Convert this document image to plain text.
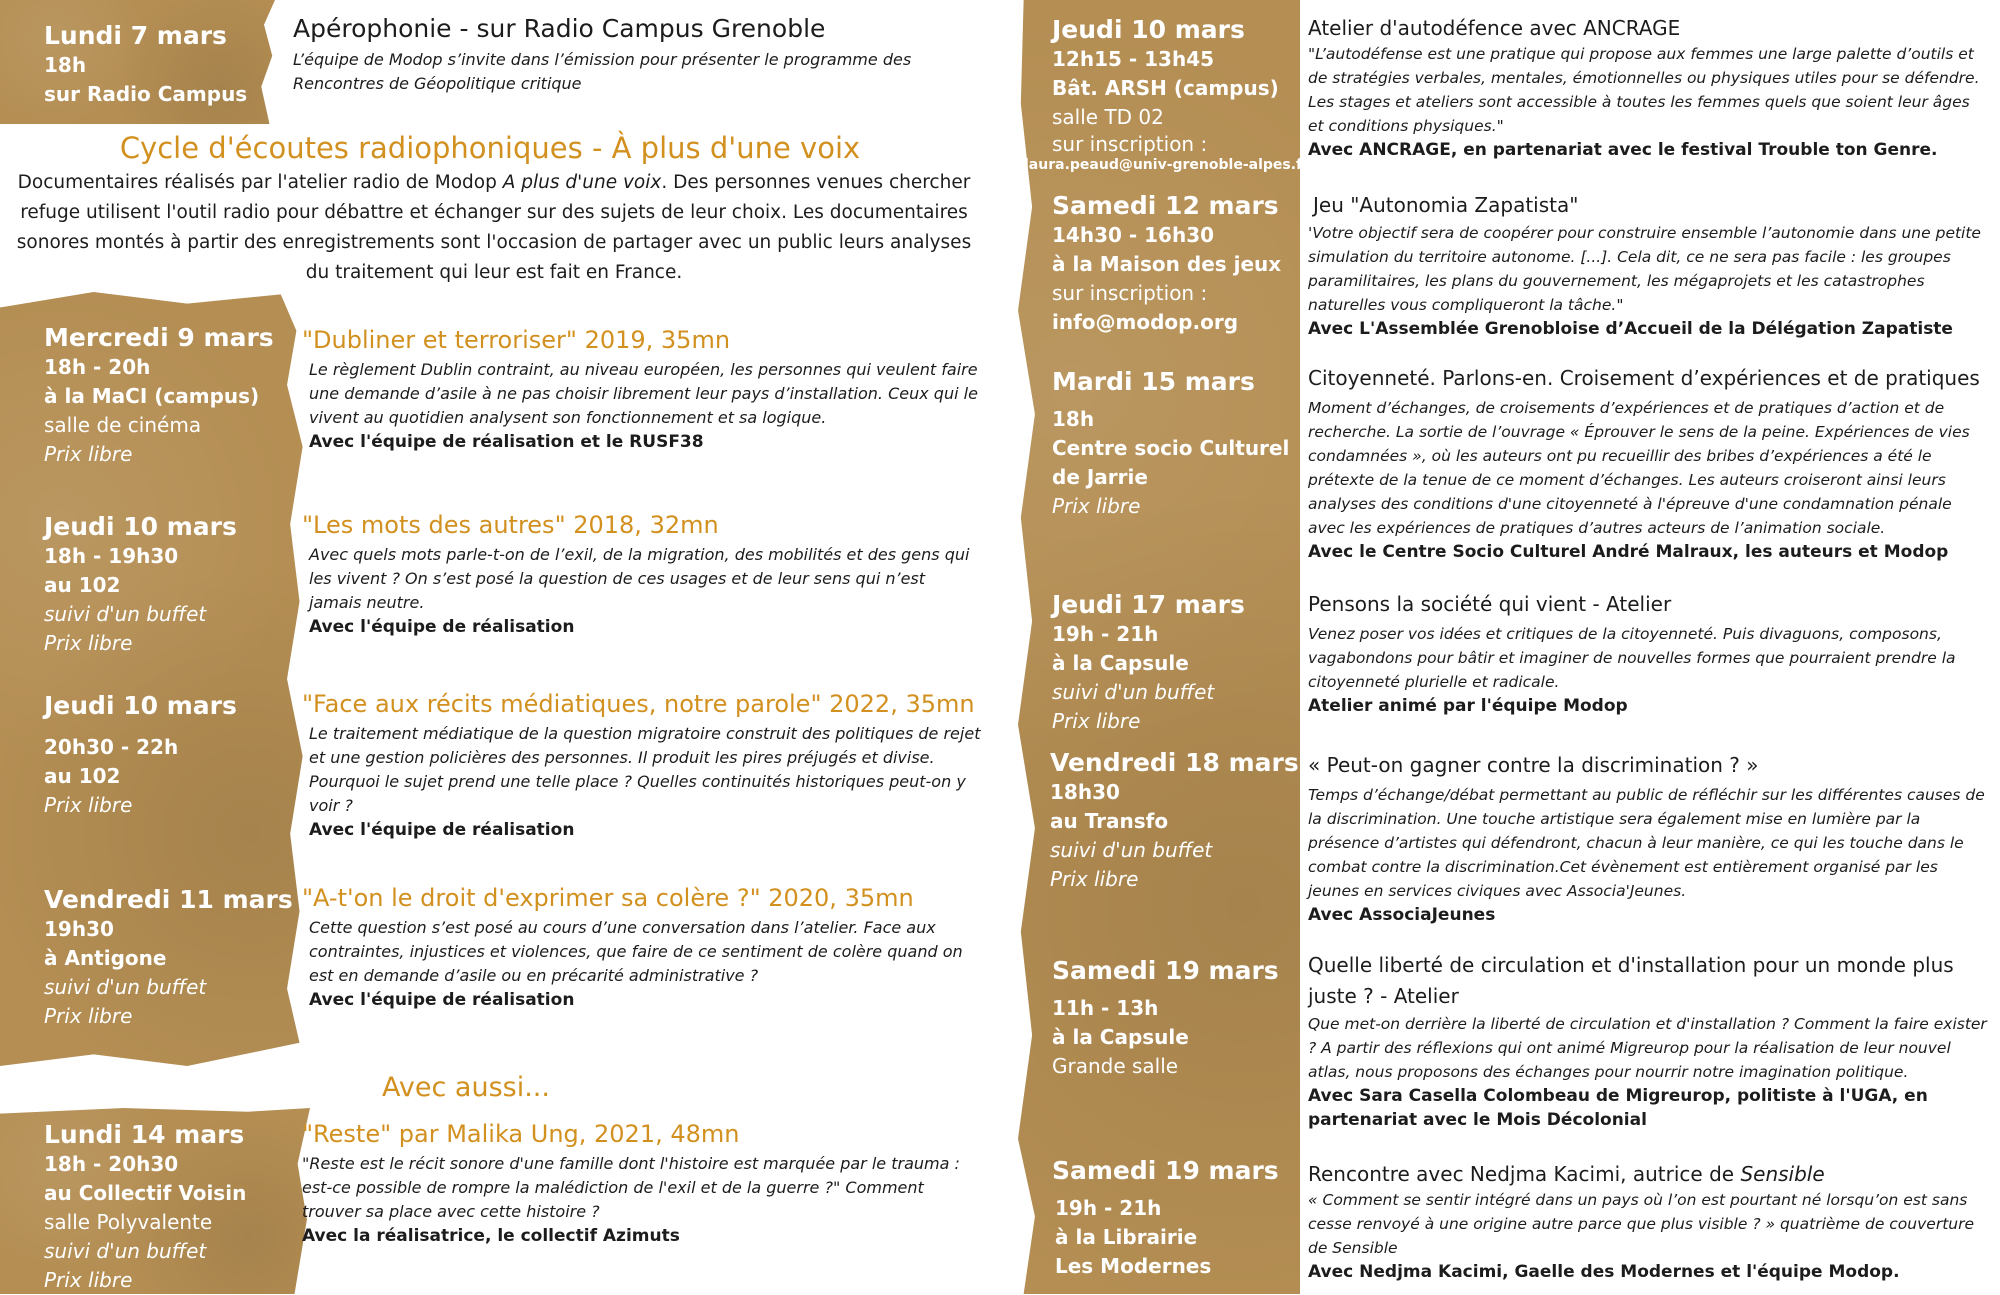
Lundi 7 mars
18h
sur Radio Campus
Apérophonie - sur Radio Campus Grenoble
L’équipe de Modop s’invite dans l’émission pour présenter le programme des Rencontres de Géopolitique critique
Cycle d'écoutes radiophoniques - À plus d'une voix
Documentaires réalisés par l'atelier radio de Modop A plus d'une voix. Des personnes venues chercher refuge utilisent l'outil radio pour débattre et échanger sur des sujets de leur choix. Les documentaires sonores montés à partir des enregistrements sont l'occasion de partager avec un public leurs analyses du traitement qui leur est fait en France.
Mercredi 9 mars
18h - 20h
à la MaCI (campus)
salle de cinéma
Prix libre
"Dubliner et terroriser" 2019, 35mn
Le règlement Dublin contraint, au niveau européen, les personnes qui veulent faire une demande d’asile à ne pas choisir librement leur pays d’installation. Ceux qui le vivent au quotidien analysent son fonctionnement et sa logique.
Avec l'équipe de réalisation et le RUSF38
Jeudi 10 mars
18h - 19h30
au 102
suivi d'un buffet
Prix libre
"Les mots des autres" 2018, 32mn
Avec quels mots parle-t-on de l’exil, de la migration, des mobilités et des gens qui les vivent ? On s’est posé la question de ces usages et de leur sens qui n’est jamais neutre.
Avec l'équipe de réalisation
Jeudi 10 mars
20h30 - 22h
au 102
Prix libre
"Face aux récits médiatiques, notre parole" 2022, 35mn
Le traitement médiatique de la question migratoire construit des politiques de rejet et une gestion policières des personnes. Il produit les pires préjugés et divise. Pourquoi le sujet prend une telle place ? Quelles continuités historiques peut-on y voir ?
Avec l'équipe de réalisation
Vendredi 11 mars
19h30
à Antigone
suivi d'un buffet
Prix libre
"A-t'on le droit d'exprimer sa colère ?" 2020, 35mn
Cette question s’est posé au cours d’une conversation dans l’atelier. Face aux contraintes, injustices et violences, que faire de ce sentiment de colère quand on est en demande d’asile ou en précarité administrative ?
Avec l'équipe de réalisation
Avec aussi...
Lundi 14 mars
18h - 20h30
au Collectif Voisin
salle Polyvalente
suivi d'un buffet
Prix libre
"Reste" par Malika Ung, 2021, 48mn
"Reste est le récit sonore d'une famille dont l'histoire est marquée par le trauma : est-ce possible de rompre la malédiction de l'exil et de la guerre ?" Comment trouver sa place avec cette histoire ?
Avec la réalisatrice, le collectif Azimuts
Jeudi 10 mars
12h15 - 13h45
Bât. ARSH (campus)
salle TD 02
sur inscription :
laura.peaud@univ-grenoble-alpes.fr
Samedi 12 mars
14h30 - 16h30
à la Maison des jeux
sur inscription :
info@modop.org
Mardi 15 mars
18h
Centre socio Culturel
de Jarrie
Prix libre
Jeudi 17 mars
19h - 21h
à la Capsule
suivi d'un buffet
Prix libre
Vendredi 18 mars
18h30
au Transfo
suivi d'un buffet
Prix libre
Samedi 19 mars
11h - 13h
à la Capsule
Grande salle
Samedi 19 mars
19h - 21h
à la Librairie
Les Modernes
Atelier d'autodéfence avec ANCRAGE
"L’autodéfense est une pratique qui propose aux femmes une large palette d’outils et de stratégies verbales, mentales, émotionnelles ou physiques utiles pour se défendre. Les stages et ateliers sont accessible à toutes les femmes quels que soient leur âges et conditions physiques."
Avec ANCRAGE, en partenariat avec le festival Trouble ton Genre.
Jeu "Autonomia Zapatista"
'Votre objectif sera de coopérer pour construire ensemble l’autonomie dans une petite simulation du territoire autonome. [...]. Cela dit, ce ne sera pas facile : les groupes paramilitaires, les plans du gouvernement, les mégaprojets et les catastrophes naturelles vous compliqueront la tâche."
Avec L'Assemblée Grenobloise d’Accueil de la Délégation Zapatiste
Citoyenneté. Parlons-en. Croisement d’expériences et de pratiques
Moment d’échanges, de croisements d’expériences et de pratiques d’action et de recherche. La sortie de l’ouvrage « Éprouver le sens de la peine. Expériences de vies condamnées », où les auteurs ont pu recueillir des bribes d’expériences a été le prétexte de la tenue de ce moment d’échanges. Les auteurs croiseront ainsi leurs analyses des conditions d'une citoyenneté à l'épreuve d'une condamnation pénale avec les expériences de pratiques d’autres acteurs de l’animation sociale.
Avec le Centre Socio Culturel André Malraux, les auteurs et Modop
Pensons la société qui vient - Atelier
Venez poser vos idées et critiques de la citoyenneté. Puis divaguons, composons, vagabondons pour bâtir et imaginer de nouvelles formes que pourraient prendre la citoyenneté plurielle et radicale.
Atelier animé par l'équipe Modop
« Peut-on gagner contre la discrimination ? »
Temps d’échange/débat permettant au public de réfléchir sur les différentes causes de la discrimination. Une touche artistique sera également mise en lumière par la présence d’artistes qui défendront, chacun à leur manière, ce qui les touche dans le combat contre la discrimination.Cet évènement est entièrement organisé par les jeunes en services civiques avec Associa'Jeunes.
Avec AssociaJeunes
Quelle liberté de circulation et d'installation pour un monde plus juste ? - Atelier
Que met-on derrière la liberté de circulation et d'installation ? Comment la faire exister ? A partir des réflexions qui ont animé Migreurop pour la réalisation de leur nouvel atlas, nous proposons des échanges pour nourrir notre imagination politique.
Avec Sara Casella Colombeau de Migreurop, politiste à l'UGA, en partenariat avec le Mois Décolonial
Rencontre avec Nedjma Kacimi, autrice de Sensible
« Comment se sentir intégré dans un pays où l’on est pourtant né lorsqu’on est sans cesse renvoyé à une origine autre parce que plus visible ? » quatrième de couverture de Sensible
Avec Nedjma Kacimi, Gaelle des Modernes et l'équipe Modop.
